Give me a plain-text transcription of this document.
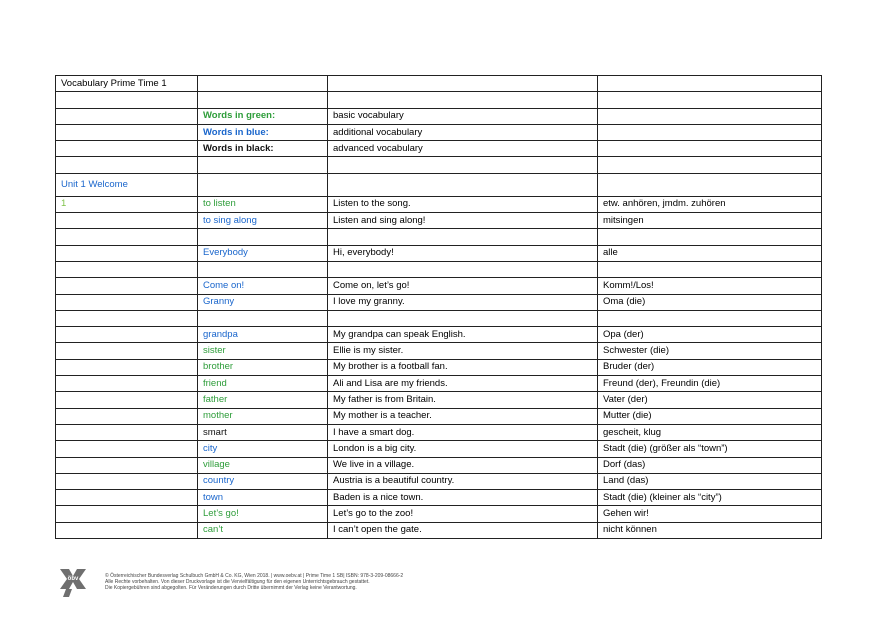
Vocabulary Prime Time 1			

	Words in green:	basic vocabulary	
	Words in blue:	additional vocabulary	
	Words in black:	advanced vocabulary	

Unit 1 Welcome			
1	to listen	Listen to the song.	etw. anhören, jmdm. zuhören
	to sing along	Listen and sing along!	mitsingen

	Everybody	Hi, everybody!	alle

	Come on!	Come on, let’s go!	Komm!/Los!
	Granny	I love my granny.	Oma (die)

	grandpa	My grandpa can speak English.	Opa (der)
	sister	Ellie is my sister.	Schwester (die)
	brother	My brother is a football fan.	Bruder (der)
	friend	Ali and Lisa are my friends.	Freund (der), Freundin (die)
	father	My father is from Britain.	Vater (der)
	mother	My mother is a teacher.	Mutter (die)
	smart	I have a smart dog.	gescheit, klug
	city	London is a big city.	Stadt (die) (größer als “town”)
	village	We live in a village.	Dorf (das)
	country	Austria is a beautiful country.	Land (das)
	town	Baden is a nice town.	Stadt (die) (kleiner als “city”)
	Let’s go!	Let’s go to the zoo!	Gehen wir!
	can’t	I can’t open the gate.	nicht können
öbv	© Österreichischer Bundesverlag Schulbuch GmbH & Co. KG, Wien 2018. | www.oebv.at | Prime Time 1 SB| ISBN: 978-3-209-08666-2
Alle Rechte vorbehalten. Von dieser Druckvorlage ist die Vervielfältigung für den eigenen Unterrichtsgebrauch gestattet.
Die Kopiergebühren sind abgegolten. Für Veränderungen durch Dritte übernimmt der Verlag keine Verantwortung.
